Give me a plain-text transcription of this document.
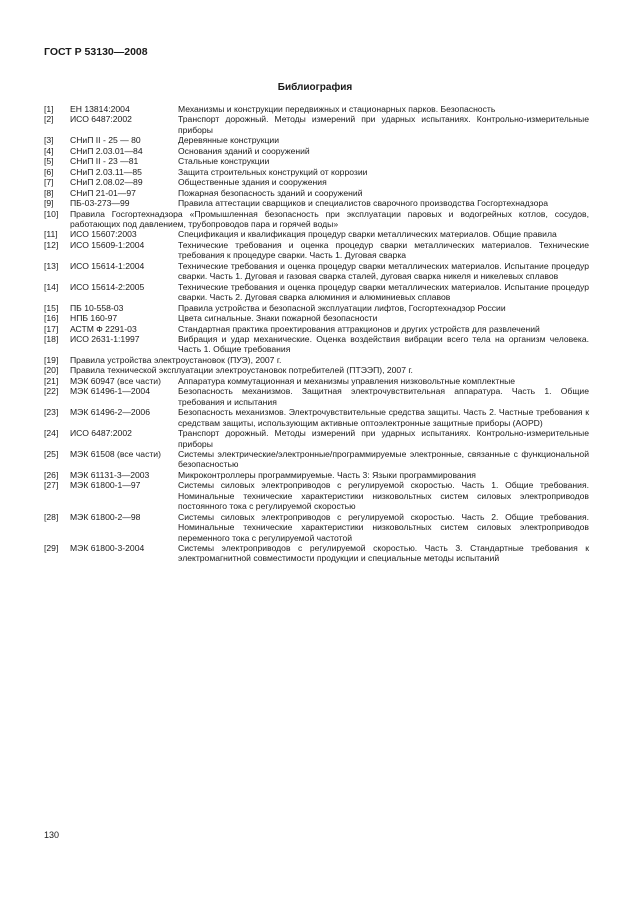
ГОСТ Р 53130—2008
Библиография
[1]	ЕН 13814:2004	Механизмы и конструкции передвижных и стационарных парков. Безопасность
[2]	ИСО 6487:2002	Транспорт дорожный. Методы измерений при ударных испытаниях. Контрольно-измерительные приборы
[3]	СНиП II - 25 — 80	Деревянные конструкции
[4]	СНиП 2.03.01—84	Основания зданий и сооружений
[5]	СНиП II - 23 —81	Стальные конструкции
[6]	СНиП 2.03.11—85	Защита строительных конструкций от коррозии
[7]	СНиП 2.08.02—89	Общественные здания и сооружения
[8]	СНиП 21-01—97	Пожарная безопасность зданий и сооружений
[9]	ПБ-03-273—99	Правила аттестации сварщиков и специалистов сварочного производства Госгортехнадзора
[10]	Правила Госгортехнадзора «Промышленная безопасность при эксплуатации паровых и водогрейных котлов, сосудов, работающих под давлением, трубопроводов пара и горячей воды»
[11]	ИСО 15607:2003	Спецификация и квалификация процедур сварки металлических материалов. Общие правила
[12]	ИСО 15609-1:2004	Технические требования и оценка процедур сварки металлических материалов. Технические требования к процедуре сварки. Часть 1. Дуговая сварка
[13]	ИСО 15614-1:2004	Технические требования и оценка процедур сварки металлических материалов. Испытание процедур сварки. Часть 1. Дуговая и газовая сварка сталей, дуговая сварка никеля и никелевых сплавов
[14]	ИСО 15614-2:2005	Технические требования и оценка процедур сварки металлических материалов. Испытание процедур сварки. Часть 2. Дуговая сварка алюминия и алюминиевых сплавов
[15]	ПБ 10-558-03	Правила устройства и безопасной эксплуатации лифтов, Госгортехнадзор России
[16]	НПБ 160-97	Цвета сигнальные. Знаки пожарной безопасности
[17]	АСТМ Ф 2291-03	Стандартная практика проектирования аттракционов и других устройств для развлечений
[18]	ИСО 2631-1:1997	Вибрация и удар механические. Оценка воздействия вибрации всего тела на организм человека. Часть 1. Общие требования
[19]	Правила устройства электроустановок (ПУЭ), 2007 г.
[20]	Правила технической эксплуатации электроустановок потребителей (ПТЭЭП), 2007 г.
[21]	МЭК 60947 (все части)	Аппаратура коммутационная и механизмы управления низковольтные комплектные
[22]	МЭК 61496-1—2004	Безопасность механизмов. Защитная электрочувствительная аппаратура. Часть 1. Общие требования и испытания
[23]	МЭК 61496-2—2006	Безопасность механизмов. Электрочувствительные средства защиты. Часть 2. Частные требования к средствам защиты, использующим активные оптоэлектронные защитные приборы (AOPD)
[24]	ИСО 6487:2002	Транспорт дорожный. Методы измерений при ударных испытаниях. Контрольно-измерительные приборы
[25]	МЭК 61508 (все части)	Системы электрические/электронные/программируемые электронные, связанные с функциональной безопасностью
[26]	МЭК 61131-3—2003	Микроконтроллеры программируемые. Часть 3: Языки программирования
[27]	МЭК 61800-1—97	Системы силовых электроприводов с регулируемой скоростью. Часть 1. Общие требования. Номинальные технические характеристики низковольтных систем силовых электроприводов постоянного тока с регулируемой скоростью
[28]	МЭК 61800-2—98	Системы силовых электроприводов с регулируемой скоростью. Часть 2. Общие требования. Номинальные технические характеристики низковольтных систем силовых электроприводов переменного тока с регулируемой частотой
[29]	МЭК 61800-3-2004	Системы электроприводов с регулируемой скоростью. Часть 3. Стандартные требования к электромагнитной совместимости продукции и специальные методы испытаний
130
